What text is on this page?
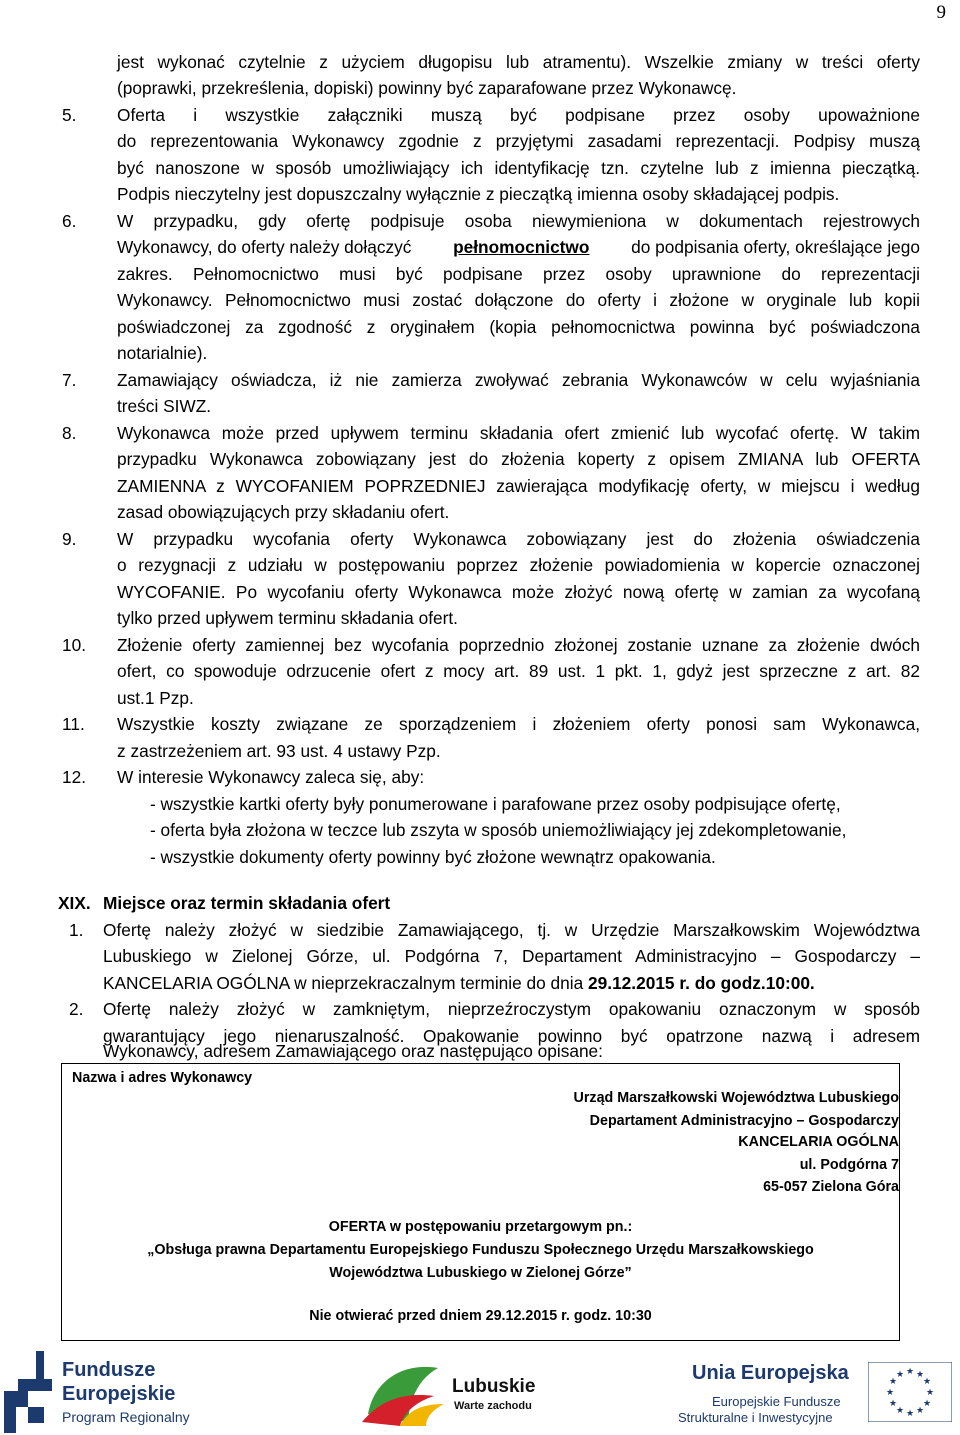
9
jest wykonać czytelnie z użyciem długopisu lub atramentu). Wszelkie zmiany w treści oferty
(poprawki, przekreślenia, dopiski) powinny być zaparafowane przez Wykonawcę.
5. Oferta i wszystkie załączniki muszą być podpisane przez osoby upoważnione
do reprezentowania Wykonawcy zgodnie z przyjętymi zasadami reprezentacji. Podpisy muszą
być nanoszone w sposób umożliwiający ich identyfikację tzn. czytelne lub z imienna pieczątką.
Podpis nieczytelny jest dopuszczalny wyłącznie z pieczątką imienna osoby składającej podpis.
6. W przypadku, gdy ofertę podpisuje osoba niewymieniona w dokumentach rejestrowych
Wykonawcy, do oferty należy dołączyć pełnomocnictwo do podpisania oferty, określające jego
zakres. Pełnomocnictwo musi być podpisane przez osoby uprawnione do reprezentacji
Wykonawcy. Pełnomocnictwo musi zostać dołączone do oferty i złożone w oryginale lub kopii
poświadczonej za zgodność z oryginałem (kopia pełnomocnictwa powinna być poświadczona
notarialnie).
7. Zamawiający oświadcza, iż nie zamierza zwoływać zebrania Wykonawców w celu wyjaśniania
treści SIWZ.
8. Wykonawca może przed upływem terminu składania ofert zmienić lub wycofać ofertę. W takim
przypadku Wykonawca zobowiązany jest do złożenia koperty z opisem ZMIANA lub OFERTA
ZAMIENNA z WYCOFANIEM POPRZEDNIEJ zawierająca modyfikację oferty, w miejscu i według
zasad obowiązujących przy składaniu ofert.
9. W przypadku wycofania oferty Wykonawca zobowiązany jest do złożenia oświadczenia
o rezygnacji z udziału w postępowaniu poprzez złożenie powiadomienia w kopercie oznaczonej
WYCOFANIE. Po wycofaniu oferty Wykonawca może złożyć nową ofertę w zamian za wycofaną
tylko przed upływem terminu składania ofert.
10. Złożenie oferty zamiennej bez wycofania poprzednio złożonej zostanie uznane za złożenie dwóch
ofert, co spowoduje odrzucenie ofert z mocy art. 89 ust. 1 pkt. 1, gdyż jest sprzeczne z art. 82
ust.1 Pzp.
11. Wszystkie koszty związane ze sporządzeniem i złożeniem oferty ponosi sam Wykonawca,
z zastrzeżeniem art. 93 ust. 4 ustawy Pzp.
12. W interesie Wykonawcy zaleca się, aby:
- wszystkie kartki oferty były ponumerowane i parafowane przez osoby podpisujące ofertę,
- oferta była złożona w teczce lub zszyta w sposób uniemożliwiający jej zdekompletowanie,
- wszystkie dokumenty oferty powinny być złożone wewnątrz opakowania.
XIX. Miejsce oraz termin składania ofert
1. Ofertę należy złożyć w siedzibie Zamawiającego, tj. w Urzędzie Marszałkowskim Województwa
Lubuskiego w Zielonej Górze, ul. Podgórna 7, Departament Administracyjno – Gospodarczy –
KANCELARIA OGÓLNA w nieprzekraczalnym terminie do dnia 29.12.2015 r. do godz.10:00.
2. Ofertę należy złożyć w zamkniętym, nieprzeźroczystym opakowaniu oznaczonym w sposób
gwarantujący jego nienaruszalność. Opakowanie powinno być opatrzone nazwą i adresem
Wykonawcy, adresem Zamawiającego oraz następująco opisane:
Nazwa i adres Wykonawcy
Urząd Marszałkowski Województwa Lubuskiego
Departament Administracyjno – Gospodarczy
KANCELARIA OGÓLNA
ul. Podgórna 7
65-057 Zielona Góra
OFERTA w postępowaniu przetargowym pn.:
„Obsługa prawna Departamentu Europejskiego Funduszu Społecznego Urzędu Marszałkowskiego
Województwa Lubuskiego w Zielonej Górze”
Nie otwierać przed dniem 29.12.2015 r. godz. 10:30
Fundusze
Europejskie
Program Regionalny
Lubuskie
Warte zachodu
Unia Europejska
Europejskie Fundusze
Strukturalne i Inwestycyjne
★ ★
★
★
★
★
★
★
★
★
★
★
